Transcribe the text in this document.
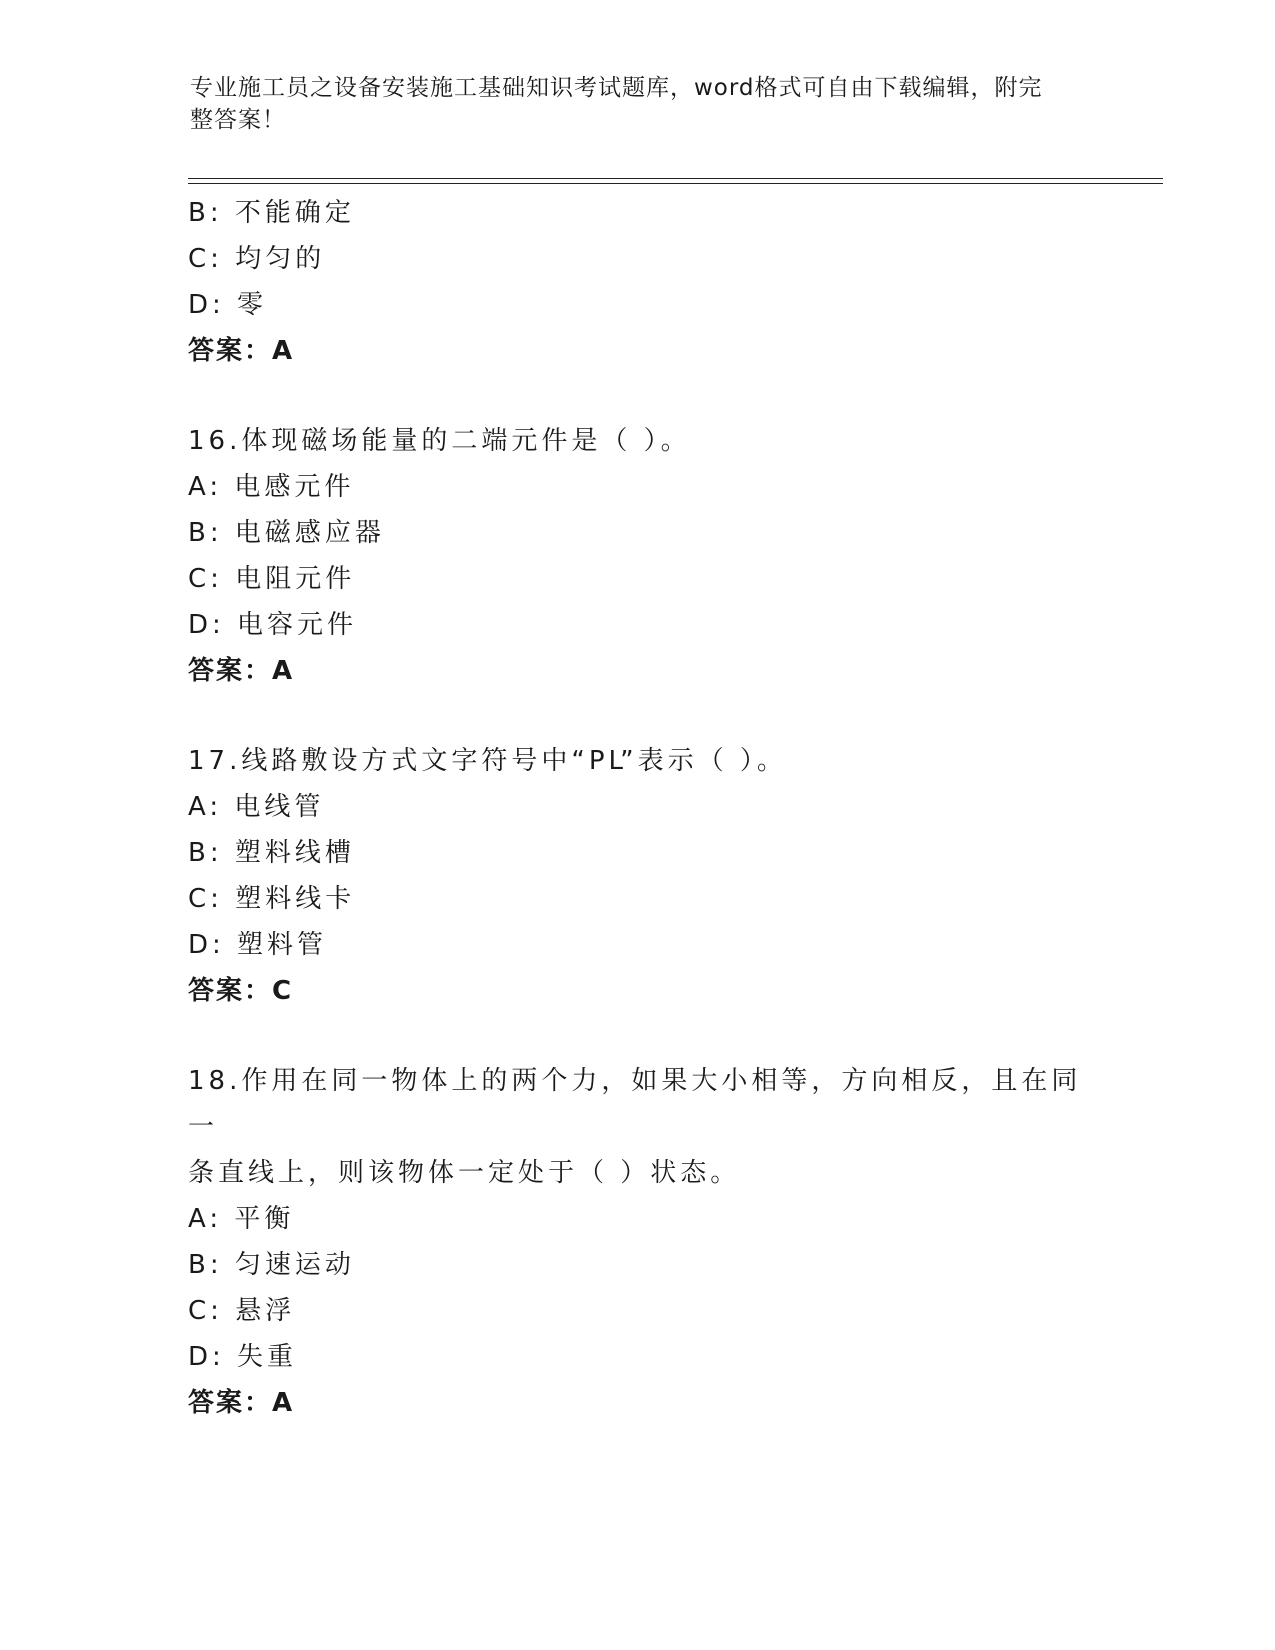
专业施工员之设备安装施工基础知识考试题库，word格式可自由下载编辑，附完
整答案！
B: 不能确定
C: 均匀的
D: 零
答案：A
16.体现磁场能量的二端元件是（ ）。
A: 电感元件
B: 电磁感应器
C: 电阻元件
D: 电容元件
答案：A
17.线路敷设方式文字符号中“PL”表示（ ）。
A: 电线管
B: 塑料线槽
C: 塑料线卡
D: 塑料管
答案：C
18.作用在同一物体上的两个力，如果大小相等，方向相反，且在同一
条直线上，则该物体一定处于（ ）状态。
A: 平衡
B: 匀速运动
C: 悬浮
D: 失重
答案：A
